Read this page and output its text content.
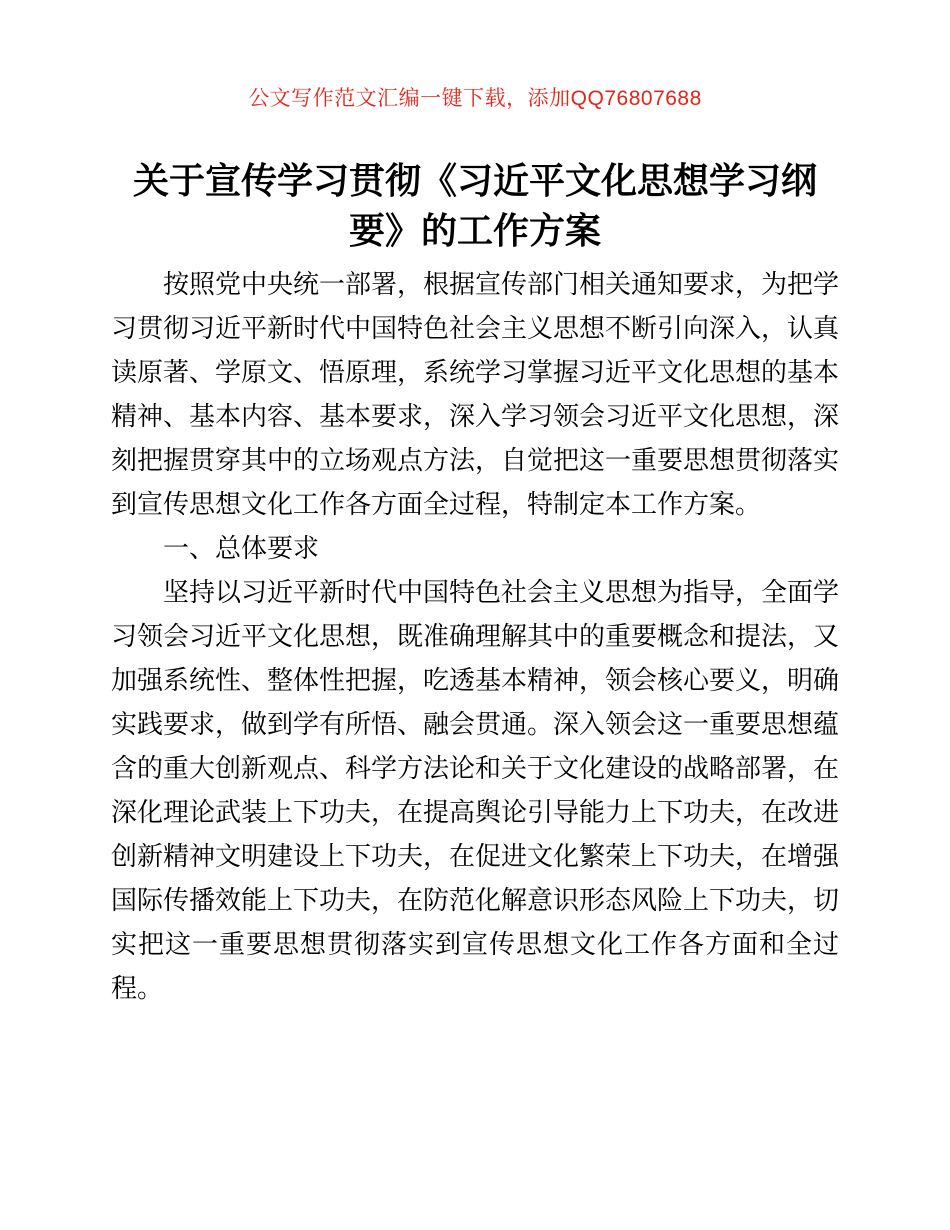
公文写作范文汇编一键下载，添加QQ76807688
关于宣传学习贯彻《习近平文化思想学习纲要》的工作方案

按照党中央统一部署，根据宣传部门相关通知要求，为把学习贯彻习近平新时代中国特色社会主义思想不断引向深入，认真读原著、学原文、悟原理，系统学习掌握习近平文化思想的基本精神、基本内容、基本要求，深入学习领会习近平文化思想，深刻把握贯穿其中的立场观点方法，自觉把这一重要思想贯彻落实到宣传思想文化工作各方面全过程，特制定本工作方案。

一、总体要求

坚持以习近平新时代中国特色社会主义思想为指导，全面学习领会习近平文化思想，既准确理解其中的重要概念和提法，又加强系统性、整体性把握，吃透基本精神，领会核心要义，明确实践要求，做到学有所悟、融会贯通。深入领会这一重要思想蕴含的重大创新观点、科学方法论和关于文化建设的战略部署，在深化理论武装上下功夫，在提高舆论引导能力上下功夫，在改进创新精神文明建设上下功夫，在促进文化繁荣上下功夫，在增强国际传播效能上下功夫，在防范化解意识形态风险上下功夫，切实把这一重要思想贯彻落实到宣传思想文化工作各方面和全过程。
